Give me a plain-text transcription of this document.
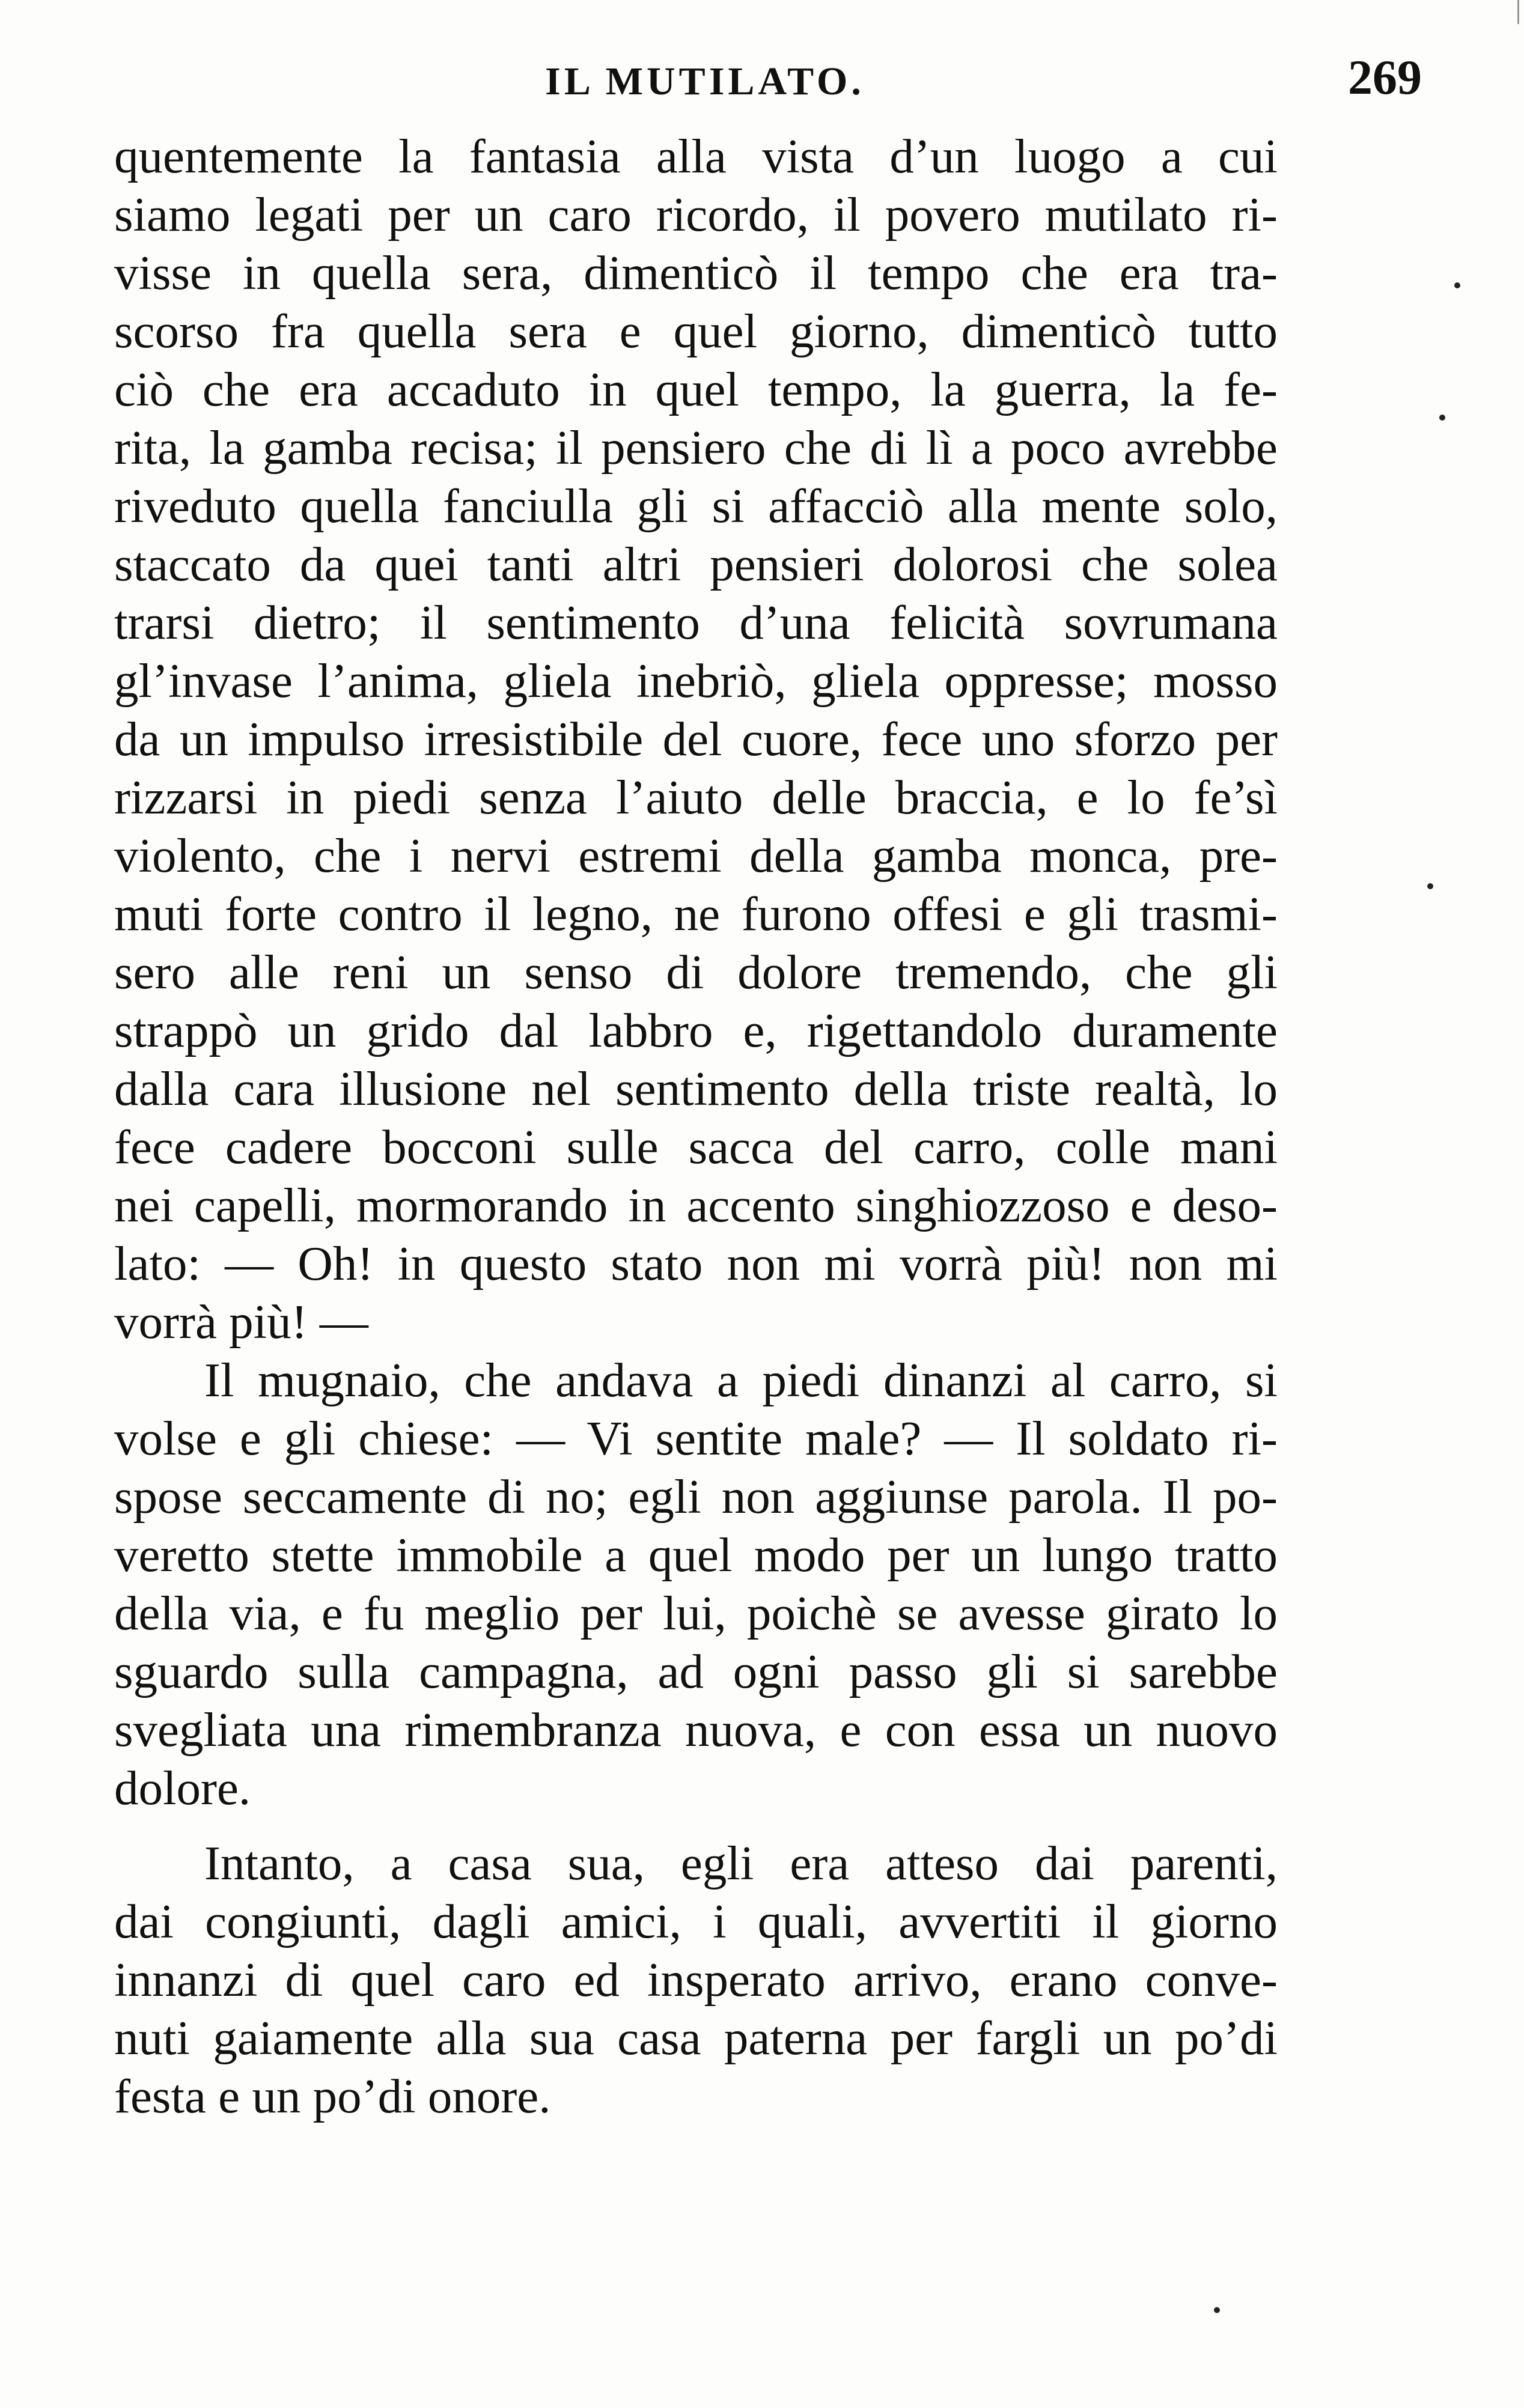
IL MUTILATO.	269
quentemente la fantasia alla vista d’un luogo a cui
siamo legati per un caro ricordo, il povero mutilato ri-
visse in quella sera, dimenticò il tempo che era tra-
scorso fra quella sera e quel giorno, dimenticò tutto
ciò che era accaduto in quel tempo, la guerra, la fe-
rita, la gamba recisa; il pensiero che di lì a poco avrebbe
riveduto quella fanciulla gli si affacciò alla mente solo,
staccato da quei tanti altri pensieri dolorosi che solea
trarsi dietro; il sentimento d’una felicità sovrumana
gl’invase l’anima, gliela inebriò, gliela oppresse; mosso
da un impulso irresistibile del cuore, fece uno sforzo per
rizzarsi in piedi senza l’aiuto delle braccia, e lo fe’sì
violento, che i nervi estremi della gamba monca, pre-
muti forte contro il legno, ne furono offesi e gli trasmi-
sero alle reni un senso di dolore tremendo, che gli
strappò un grido dal labbro e, rigettandolo duramente
dalla cara illusione nel sentimento della triste realtà, lo
fece cadere bocconi sulle sacca del carro, colle mani
nei capelli, mormorando in accento singhiozzoso e deso-
lato: — Oh! in questo stato non mi vorrà più! non mi
vorrà più! —
Il mugnaio, che andava a piedi dinanzi al carro, si
volse e gli chiese: — Vi sentite male? — Il soldato ri-
spose seccamente di no; egli non aggiunse parola. Il po-
veretto stette immobile a quel modo per un lungo tratto
della via, e fu meglio per lui, poichè se avesse girato lo
sguardo sulla campagna, ad ogni passo gli si sarebbe
svegliata una rimembranza nuova, e con essa un nuovo
dolore.
Intanto, a casa sua, egli era atteso dai parenti,
dai congiunti, dagli amici, i quali, avvertiti il giorno
innanzi di quel caro ed insperato arrivo, erano conve-
nuti gaiamente alla sua casa paterna per fargli un po’di
festa e un po’di onore.
